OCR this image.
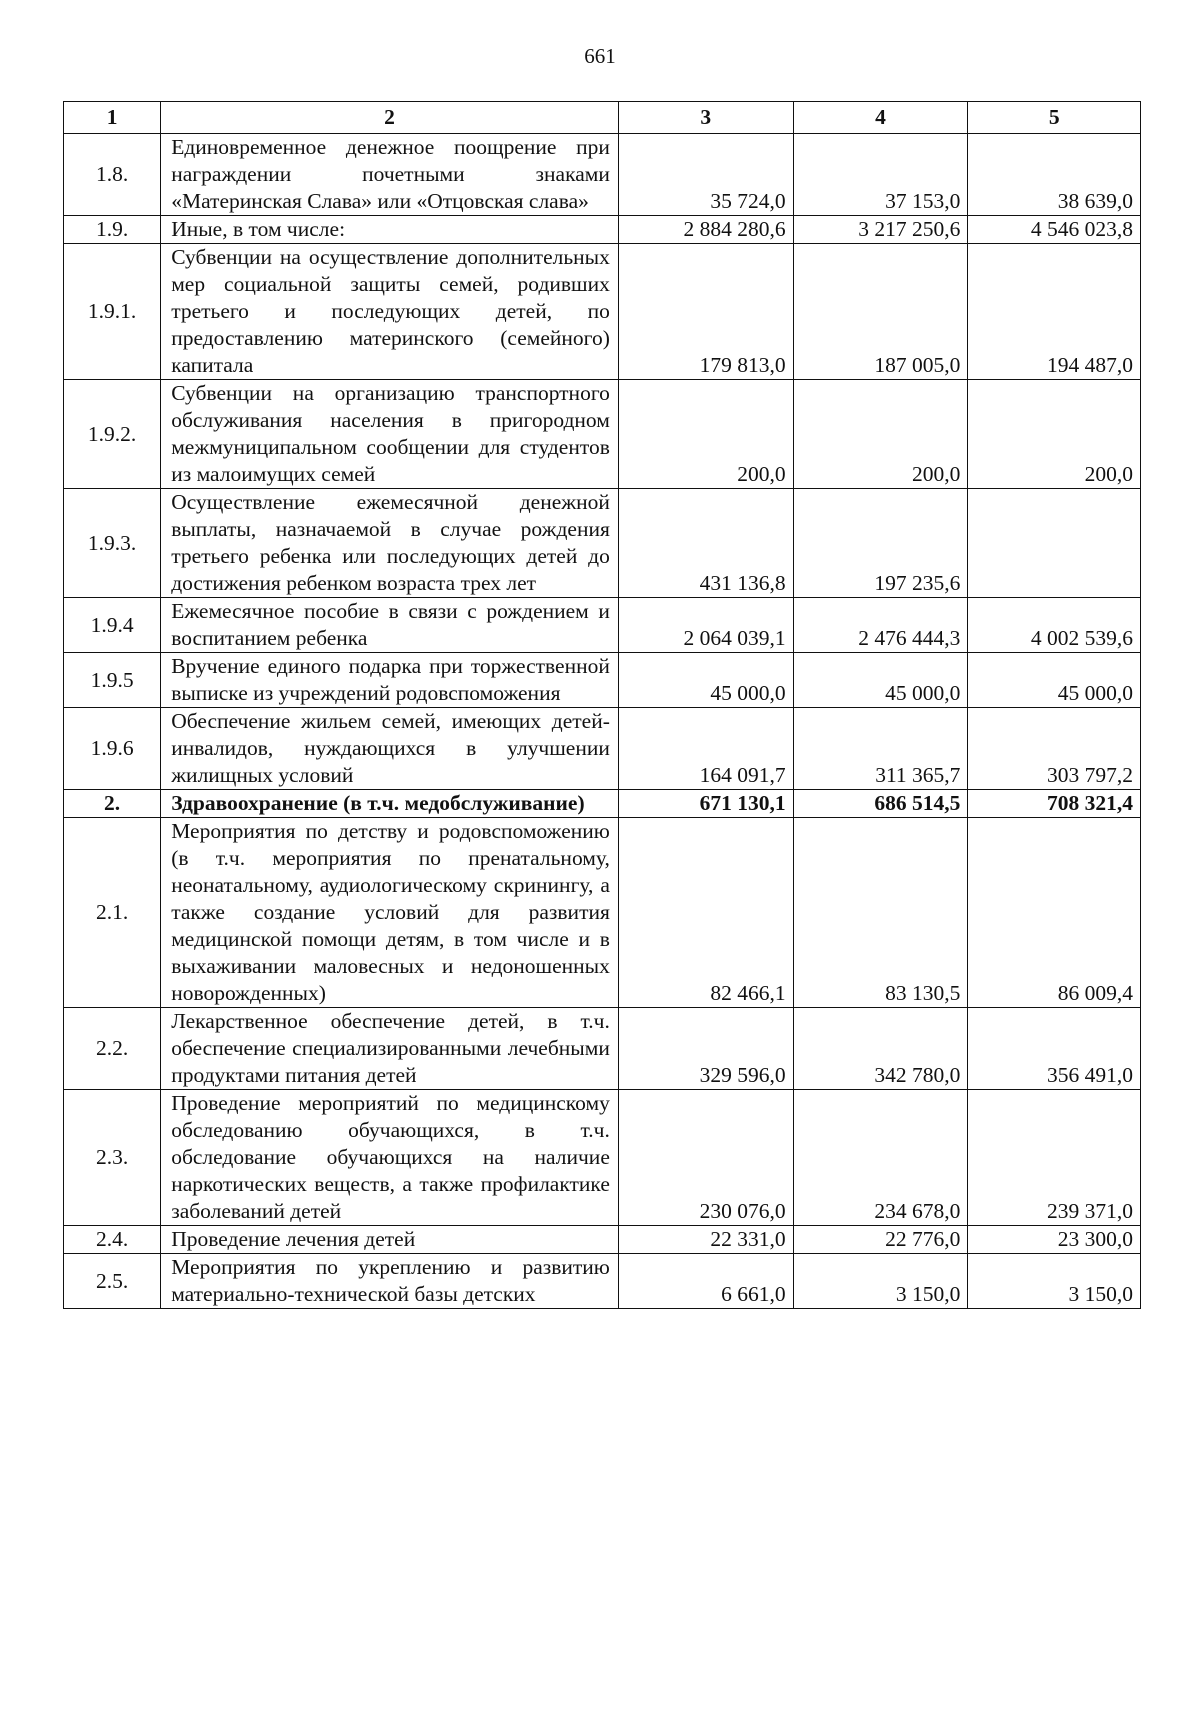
661
1	2	3	4	5
1.8.	Единовременное денежное поощрение при награждении почетными знаками «Материнская Слава» или «Отцовская слава»	35 724,0	37 153,0	38 639,0
1.9.	Иные, в том числе:	2 884 280,6	3 217 250,6	4 546 023,8
1.9.1.	Субвенции на осуществление дополнительных мер социальной защиты семей, родивших третьего и последующих детей, по предоставлению материнского (семейного) капитала	179 813,0	187 005,0	194 487,0
1.9.2.	Субвенции на организацию транспортного обслуживания населения в пригородном межмуниципальном сообщении для студентов из малоимущих семей	200,0	200,0	200,0
1.9.3.	Осуществление ежемесячной денежной выплаты, назначаемой в случае рождения третьего ребенка или последующих детей до достижения ребенком возраста трех лет	431 136,8	197 235,6	
1.9.4	Ежемесячное пособие в связи с рождением и воспитанием ребенка	2 064 039,1	2 476 444,3	4 002 539,6
1.9.5	Вручение единого подарка при торжественной выписке из учреждений родовспоможения	45 000,0	45 000,0	45 000,0
1.9.6	Обеспечение жильем семей, имеющих детей-инвалидов, нуждающихся в улучшении жилищных условий	164 091,7	311 365,7	303 797,2
2.	Здравоохранение (в т.ч. медобслуживание)	671 130,1	686 514,5	708 321,4
2.1.	Мероприятия по детству и родовспоможению (в т.ч. мероприятия по пренатальному, неонатальному, аудиологическому скринингу, а также создание условий для развития медицинской помощи детям, в том числе и в выхаживании маловесных и недоношенных новорожденных)	82 466,1	83 130,5	86 009,4
2.2.	Лекарственное обеспечение детей, в т.ч. обеспечение специализированными лечебными продуктами питания детей	329 596,0	342 780,0	356 491,0
2.3.	Проведение мероприятий по медицинскому обследованию обучающихся, в т.ч. обследование обучающихся на наличие наркотических веществ, а также профилактике заболеваний детей	230 076,0	234 678,0	239 371,0
2.4.	Проведение лечения детей	22 331,0	22 776,0	23 300,0
2.5.	Мероприятия по укреплению и развитию материально-технической базы детских	6 661,0	3 150,0	3 150,0
